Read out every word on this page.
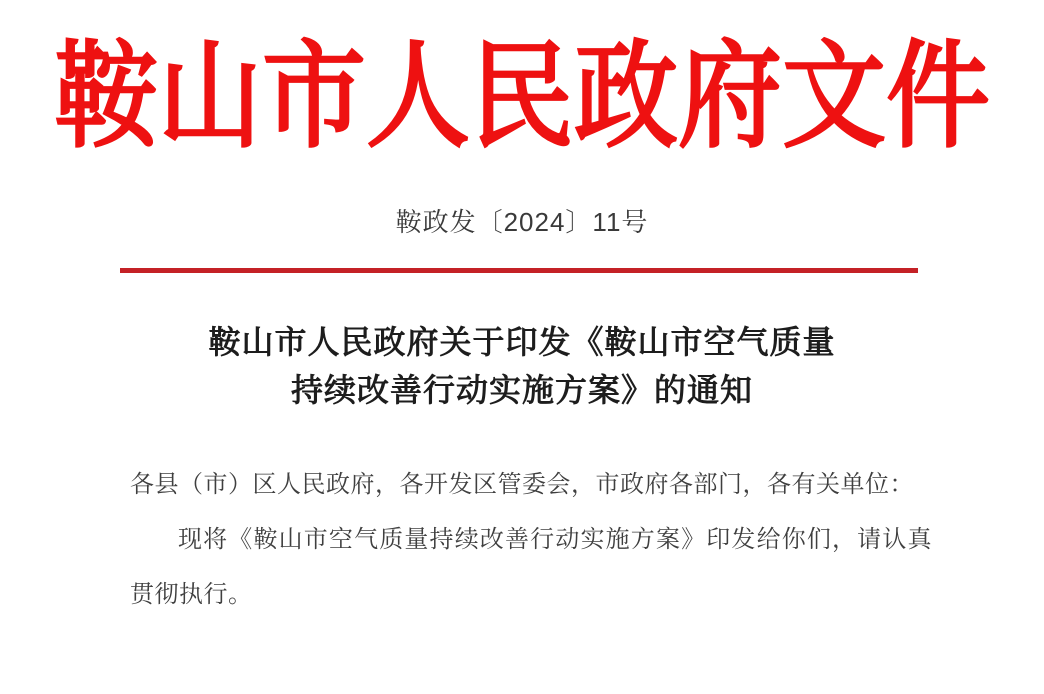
鞍山市人民政府文件
鞍政发〔2024〕11号
鞍山市人民政府关于印发《鞍山市空气质量
持续改善行动实施方案》的通知

各县（市）区人民政府，各开发区管委会，市政府各部门，各有关单位：

现将《鞍山市空气质量持续改善行动实施方案》印发给你们，请认真贯彻执行。
